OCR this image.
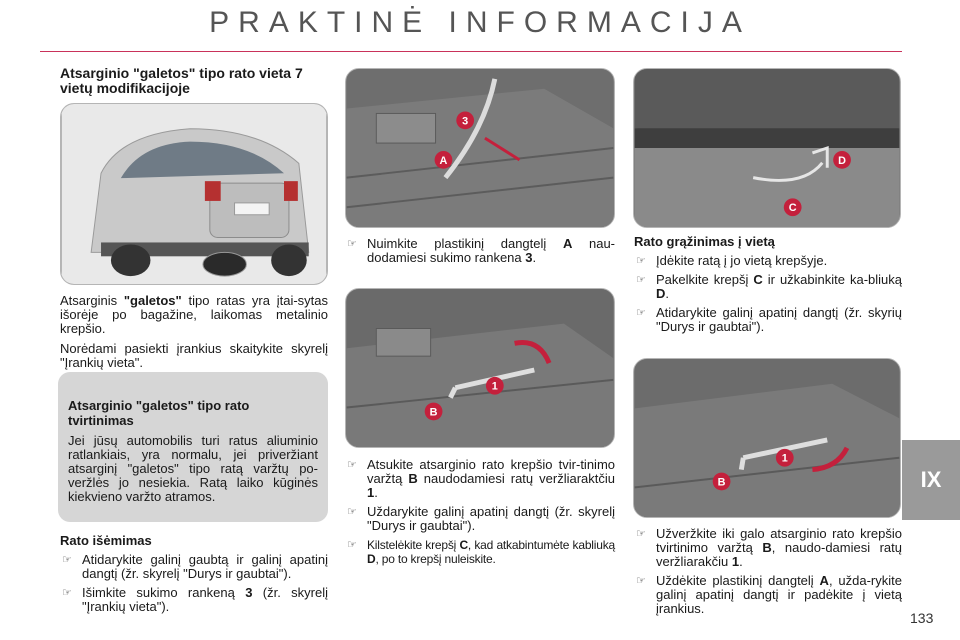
PRAKTINĖ INFORMACIJA
Atsarginio "galetos" tipo rato vieta 7 vietų modifikacijoje

Atsarginis "galetos" tipo ratas yra įtai-sytas išorėje po bagažine, laikomas metalinio krepšio.

Norėdami pasiekti įrankius skaitykite skyrelį "Įrankių vieta".

Atsarginio "galetos" tipo rato tvirtinimas
Jei jūsų automobilis turi ratus aliuminio ratlankiais, yra normalu, jei priveržiant atsarginį "galetos" tipo ratą varžtų po-veržlės jo nesiekia. Ratą laiko kūginės kiekvieno varžto atramos.
Rato išėmimas
☞ Atidarykite galinį gaubtą ir galinį apatinį dangtį (žr. skyrelį "Durys ir gaubtai").
☞ Išimkite sukimo rankeną 3 (žr. skyrelį "Įrankių vieta").
3
A
☞ Nuimkite plastikinį dangtelį A nau-dodamiesi sukimo rankena 3.
1
B
☞ Atsukite atsarginio rato krepšio tvir-tinimo varžtą B naudodamiesi ratų veržliaraktčiu 1.
☞ Uždarykite galinį apatinį dangtį (žr. skyrelį "Durys ir gaubtai").
☞ Kilstelėkite krepšį C, kad atkabintumėte kabliuką D, po to krepšį nuleiskite.
D
C
Rato grąžinimas į vietą
☞ Įdėkite ratą į jo vietą krepšyje.
☞ Pakelkite krepšį C ir užkabinkite ka-bliuką D.
☞ Atidarykite galinį apatinį dangtį (žr. skyrių "Durys ir gaubtai").
1
B
☞ Užveržkite iki galo atsarginio rato krepšio tvirtinimo varžtą B, naudo-damiesi ratų veržliarakčiu 1.
☞ Uždėkite plastikinį dangtelį A, užda-rykite galinį apatinį dangtį ir padėkite į vietą įrankius.
IX
133
